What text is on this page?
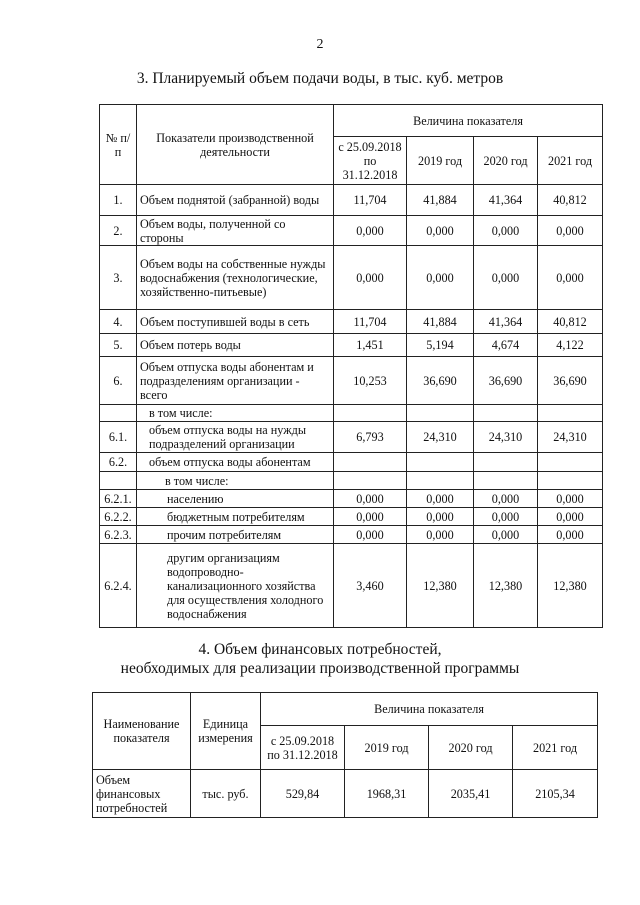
2
3. Планируемый объем подачи воды, в тыс. куб. метров
№ п/п	Показатели производственной деятельности	Величина показателя			
		с 25.09.2018 по 31.12.2018	2019 год	2020 год	2021 год
1.	Объем поднятой (забранной) воды	11,704	41,884	41,364	40,812
2.	Объем воды, полученной со стороны	0,000	0,000	0,000	0,000
3.	Объем воды на собственные нужды водоснабжения (технологические, хозяйственно-питьевые)	0,000	0,000	0,000	0,000
4.	Объем поступившей воды в сеть	11,704	41,884	41,364	40,812
5.	Объем потерь воды	1,451	5,194	4,674	4,122
6.	Объем отпуска воды абонентам и подразделениям организации - всего	10,253	36,690	36,690	36,690
	в том числе:				
6.1.	объем отпуска воды на нужды подразделений организации	6,793	24,310	24,310	24,310
6.2.	объем отпуска воды абонентам				
	в том числе:				
6.2.1.	населению	0,000	0,000	0,000	0,000
6.2.2.	бюджетным потребителям	0,000	0,000	0,000	0,000
6.2.3.	прочим потребителям	0,000	0,000	0,000	0,000
6.2.4.	другим организациям водопроводно-канализационного хозяйства для осуществления холодного водоснабжения	3,460	12,380	12,380	12,380
4. Объем финансовых потребностей,
необходимых для реализации производственной программы
Наименование показателя	Единица измерения	Величина показателя			
		с 25.09.2018 по 31.12.2018	2019 год	2020 год	2021 год
Объем финансовых потребностей	тыс. руб.	529,84	1968,31	2035,41	2105,34
